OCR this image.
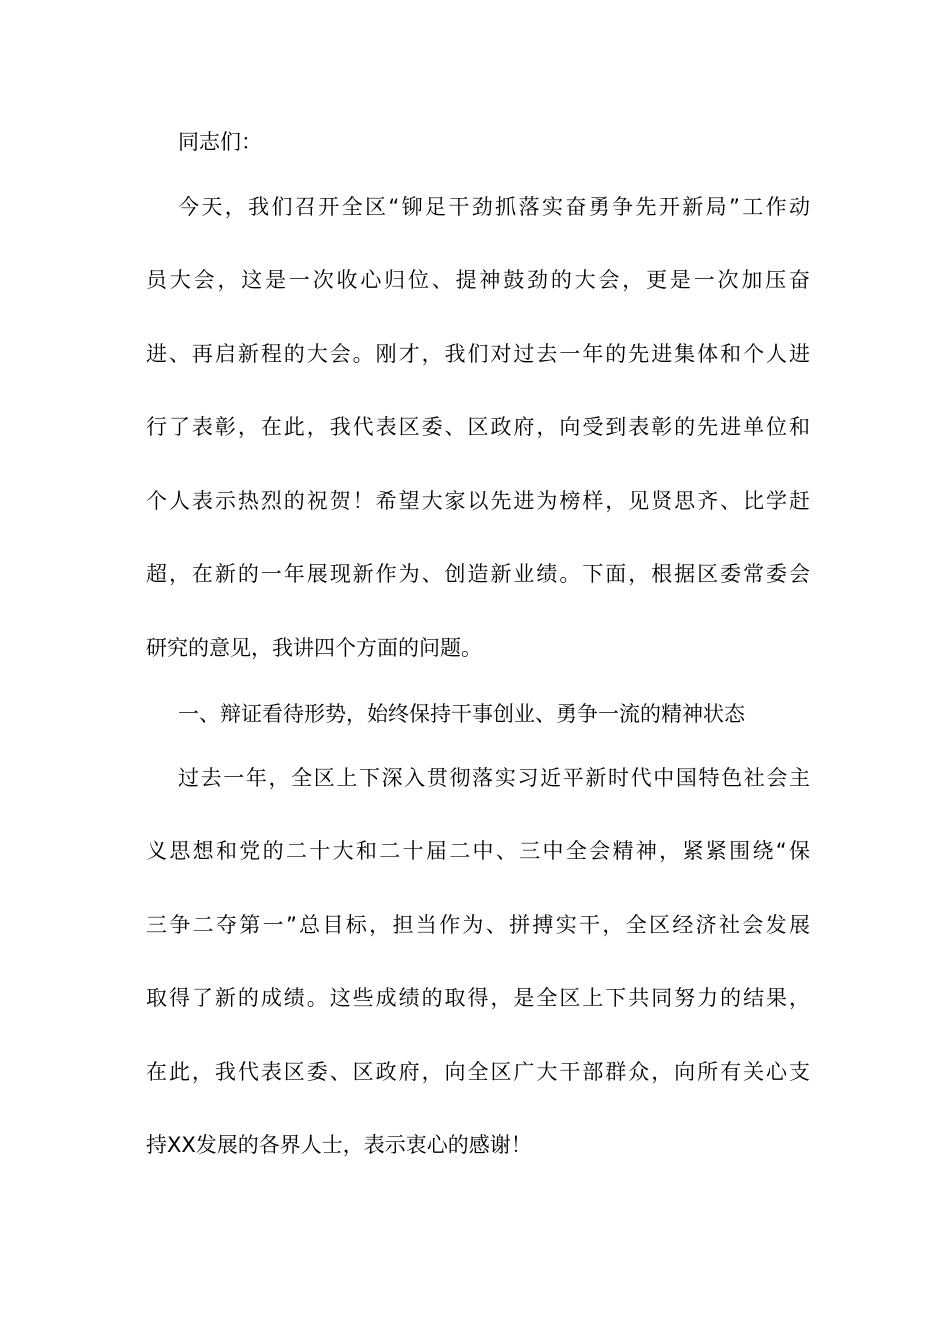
同志们：
今天，我们召开全区“铆足干劲抓落实奋勇争先开新局”工作动
员大会，这是一次收心归位、提神鼓劲的大会，更是一次加压奋
进、再启新程的大会。刚才，我们对过去一年的先进集体和个人进
行了表彰，在此，我代表区委、区政府，向受到表彰的先进单位和
个人表示热烈的祝贺！希望大家以先进为榜样，见贤思齐、比学赶
超，在新的一年展现新作为、创造新业绩。下面，根据区委常委会
研究的意见，我讲四个方面的问题。
一、辩证看待形势，始终保持干事创业、勇争一流的精神状态
过去一年，全区上下深入贯彻落实习近平新时代中国特色社会主
义思想和党的二十大和二十届二中、三中全会精神，紧紧围绕“保
三争二夺第一”总目标，担当作为、拼搏实干，全区经济社会发展
取得了新的成绩。这些成绩的取得，是全区上下共同努力的结果，
在此，我代表区委、区政府，向全区广大干部群众，向所有关心支
持XX发展的各界人士，表示衷心的感谢！
